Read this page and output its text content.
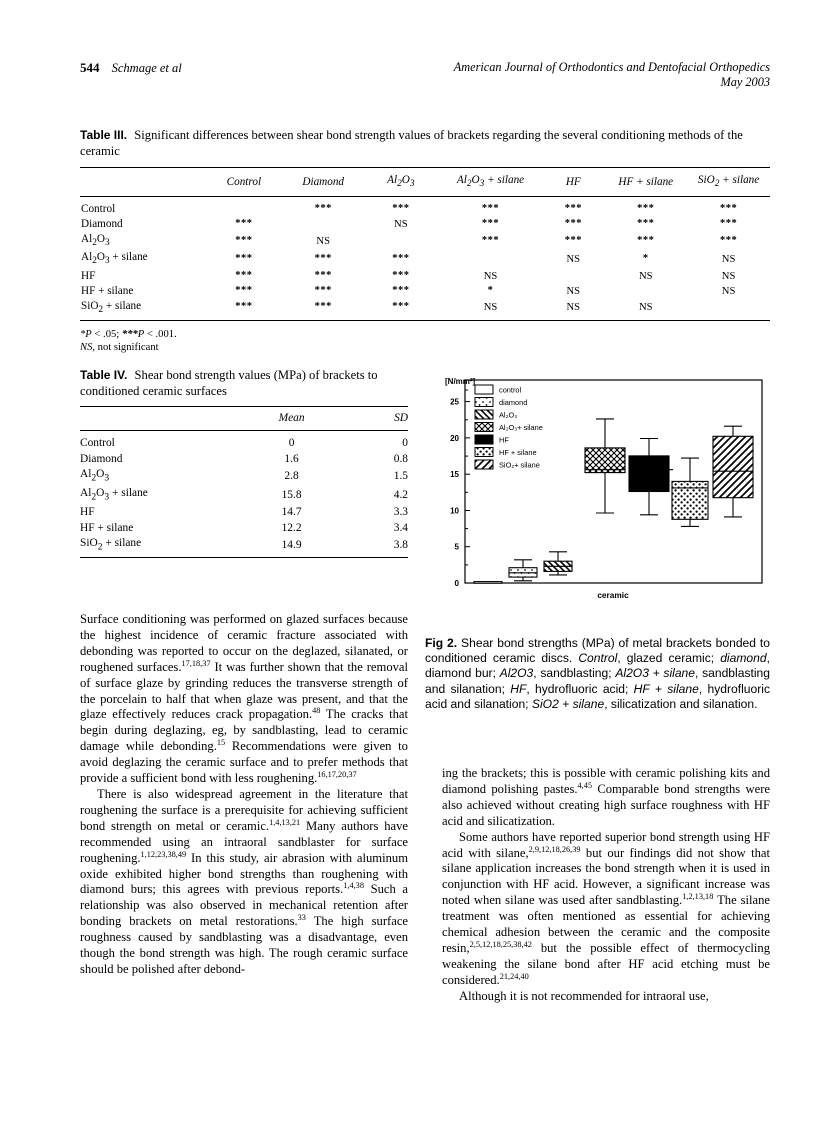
544 Schmage et al	American Journal of Orthodontics and Dentofacial Orthopedics
May 2003
Table III. Significant differences between shear bond strength values of brackets regarding the several conditioning methods of the ceramic
	Control	Diamond	$Al_2O_3$	$Al_2O_3$ + silane	HF	HF + silane	SiO$_2$ + silane
Control		***	***	***	***	***	***
Diamond	***		NS	***	***	***	***
$Al_2O_3$	***	NS		***	***	***	***
$Al_2O_3$ + silane	***	***	***		NS	*	NS
HF	***	***	***	NS		NS	NS
HF + silane	***	***	***	*	NS		NS
SiO$_2$ + silane	***	***	***	NS	NS	NS	
*P < .05; ***P < .001.
NS, not significant
Table IV. Shear bond strength values (MPa) of brackets to conditioned ceramic surfaces
	Mean	SD
Control	0	0
Diamond	1.6	0.8
$Al_2O_3$	2.8	1.5
$Al_2O_3$ + silane	15.8	4.2
HF	14.7	3.3
HF + silane	12.2	3.4
SiO$_2$ + silane	14.9	3.8
[N/mm²]
0
5
10
15
20
25
control
diamond
Al₂O₃
Al₂O₃+ silane
HF
HF + silane
SiO₂+ silane
ceramic
Fig 2. Shear bond strengths (MPa) of metal brackets bonded to conditioned ceramic discs. Control, glazed ceramic; diamond, diamond bur; Al2O3, sandblasting; Al2O3 + silane, sandblasting and silanation; HF, hydrofluoric acid; HF + silane, hydrofluoric acid and silanation; SiO2 + silane, silicatization and silanation.

Surface conditioning was performed on glazed surfaces because the highest incidence of ceramic fracture associated with debonding was reported to occur on the deglazed, silanated, or roughened surfaces.$^{17,18,37}$ It was further shown that the removal of surface glaze by grinding reduces the transverse strength of the porcelain to half that when glaze was present, and that the glaze effectively reduces crack propagation.$^{48}$ The cracks that begin during deglazing, eg, by sandblasting, lead to ceramic damage while debonding.$^{15}$ Recommendations were given to avoid deglazing the ceramic surface and to prefer methods that provide a sufficient bond with less roughening.$^{16,17,20,37}$

There is also widespread agreement in the literature that roughening the surface is a prerequisite for achieving sufficient bond strength on metal or ceramic.$^{1,4,13,21}$ Many authors have recommended using an intraoral sandblaster for surface roughening.$^{1,12,23,38,49}$ In this study, air abrasion with aluminum oxide exhibited higher bond strengths than roughening with diamond burs; this agrees with previous reports.$^{1,4,38}$ Such a relationship was also observed in mechanical retention after bonding brackets on metal restorations.$^{33}$ The high surface roughness caused by sandblasting was a disadvantage, even though the bond strength was high. The rough ceramic surface should be polished after debond-

ing the brackets; this is possible with ceramic polishing kits and diamond polishing pastes.$^{4,45}$ Comparable bond strengths were also achieved without creating high surface roughness with HF acid and silicatization.

Some authors have reported superior bond strength using HF acid with silane,$^{2,9,12,18,26,39}$ but our findings did not show that silane application increases the bond strength when it is used in conjunction with HF acid. However, a significant increase was noted when silane was used after sandblasting.$^{1,2,13,18}$ The silane treatment was often mentioned as essential for achieving chemical adhesion between the ceramic and the composite resin,$^{2,5,12,18,25,38,42}$ but the possible effect of thermocycling weakening the silane bond after HF acid etching must be considered.$^{21,24,40}$

Although it is not recommended for intraoral use,
